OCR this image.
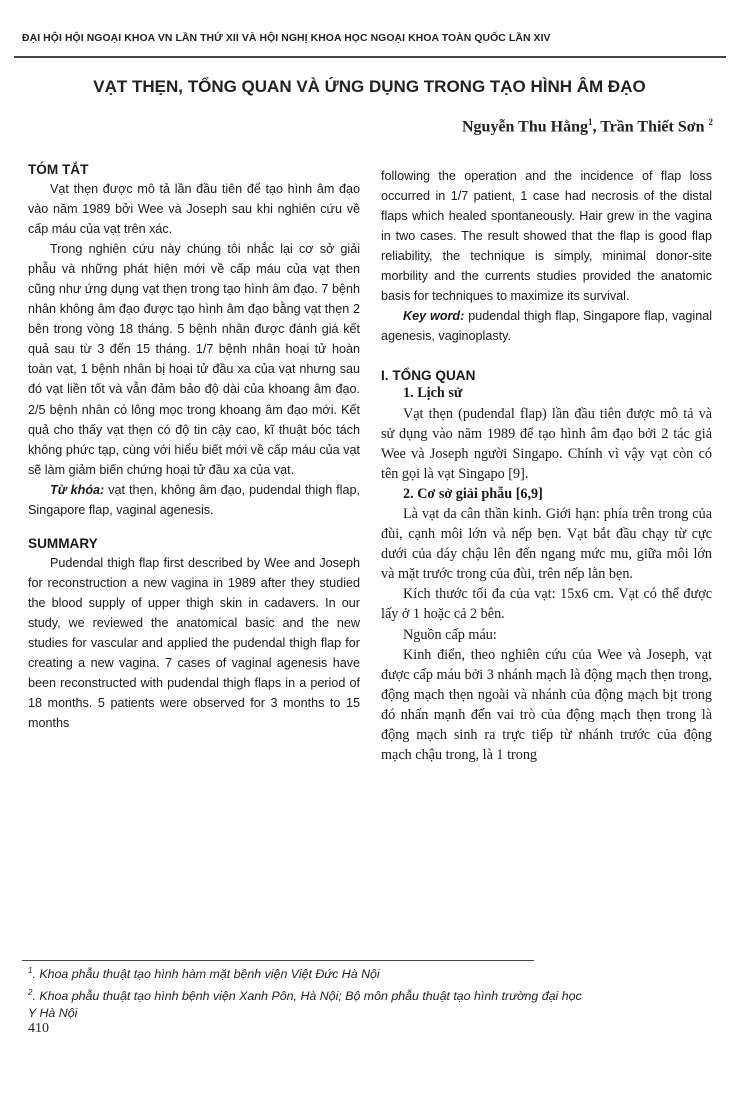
ĐẠI HỘI HỘI NGOẠI KHOA VN LẦN THỨ XII VÀ HỘI NGHỊ KHOA HỌC NGOẠI KHOA TOÀN QUỐC LẦN XIV
VẠT THẸN, TỔNG QUAN VÀ ỨNG DỤNG TRONG TẠO HÌNH ÂM ĐẠO
Nguyễn Thu Hằng$^1$, Trần Thiết Sơn $^2$
TÓM TẮT

Vạt thẹn được mô tả lần đầu tiên để tạo hình âm đạo vào năm 1989 bởi Wee và Joseph sau khi nghiên cứu về cấp máu của vạt trên xác.

Trong nghiên cứu này chúng tôi nhắc lại cơ sở giải phẫu và những phát hiện mới về cấp máu của vạt then cũng như ứng dụng vạt thẹn trong tạo hình âm đạo. 7 bệnh nhân không âm đạo được tạo hình âm đạo bằng vạt thẹn 2 bên trong vòng 18 tháng. 5 bệnh nhân được đánh giá kết quả sau từ 3 đến 15 tháng. 1/7 bệnh nhân hoại tử hoàn toàn vạt, 1 bệnh nhân bị hoại tử đầu xa của vạt nhưng sau đó vạt liền tốt và vẫn đảm bảo độ dài của khoang âm đạo. 2/5 bệnh nhân có lông mọc trong khoang âm đạo mới. Kết quả cho thấy vạt thẹn có độ tin cậy cao, kĩ thuật bóc tách không phức tạp, cùng với hiểu biết mới về cấp máu của vạt sẽ làm giảm biến chứng hoại tử đầu xa của vạt.

Từ khóa: vạt thẹn, không âm đạo, pudendal thigh flap, Singapore flap, vaginal agenesis.

SUMMARY

Pudendal thigh flap first described by Wee and Joseph for reconstruction a new vagina in 1989 after they studied the blood supply of upper thigh skin in cadavers. In our study, we reviewed the anatomical basic and the new studies for vascular and applied the pudendal thigh flap for creating a new vagina. 7 cases of vaginal agenesis have been reconstructed with pudendal thigh flaps in a period of 18 months. 5 patients were observed for 3 months to 15 months

following the operation and the incidence of flap loss occurred in 1/7 patient, 1 case had necrosis of the distal flaps which healed spontaneously. Hair grew in the vagina in two cases. The result showed that the flap is good flap reliability, the technique is simply, minimal donor-site morbility and the currents studies provided the anatomic basis for techniques to maximize its survival.

Key word: pudendal thigh flap, Singapore flap, vaginal agenesis, vaginoplasty.

I. TỔNG QUAN
1. Lịch sử

Vạt thẹn (pudendal flap) lần đầu tiên được mô tả và sử dụng vào năm 1989 để tạo hình âm đạo bởi 2 tác giả Wee và Joseph người Singapo. Chính vì vậy vạt còn có tên gọi là vạt Singapo [9].

2. Cơ sở giải phẫu [6,9]

Là vạt da cân thần kinh. Giới hạn: phía trên trong của đùi, cạnh môi lớn và nếp bẹn. Vạt bắt đầu chạy từ cực dưới của dáy chậu lên đến ngang mức mu, giữa môi lớn và mặt trước trong của đùi, trên nếp lằn bẹn.

Kích thước tối đa của vạt: 15x6 cm. Vạt có thể được lấy ở 1 hoặc cả 2 bên.

Nguồn cấp máu:

Kinh điển, theo nghiên cứu của Wee và Joseph, vạt được cấp máu bởi 3 nhánh mạch là động mạch thẹn trong, động mạch thẹn ngoài và nhánh của động mạch bịt trong đó nhấn mạnh đến vai trò của động mạch thẹn trong là động mạch sinh ra trực tiếp từ nhánh trước của động mạch chậu trong, là 1 trong

$^1$. Khoa phẫu thuật tạo hình hàm mặt bệnh viện Việt Đức Hà Nội
$^2$. Khoa phẫu thuật tạo hình bệnh viện Xanh Pôn, Hà Nội; Bộ môn phẫu thuật tạo hình trường đại học Y Hà Nội
410
